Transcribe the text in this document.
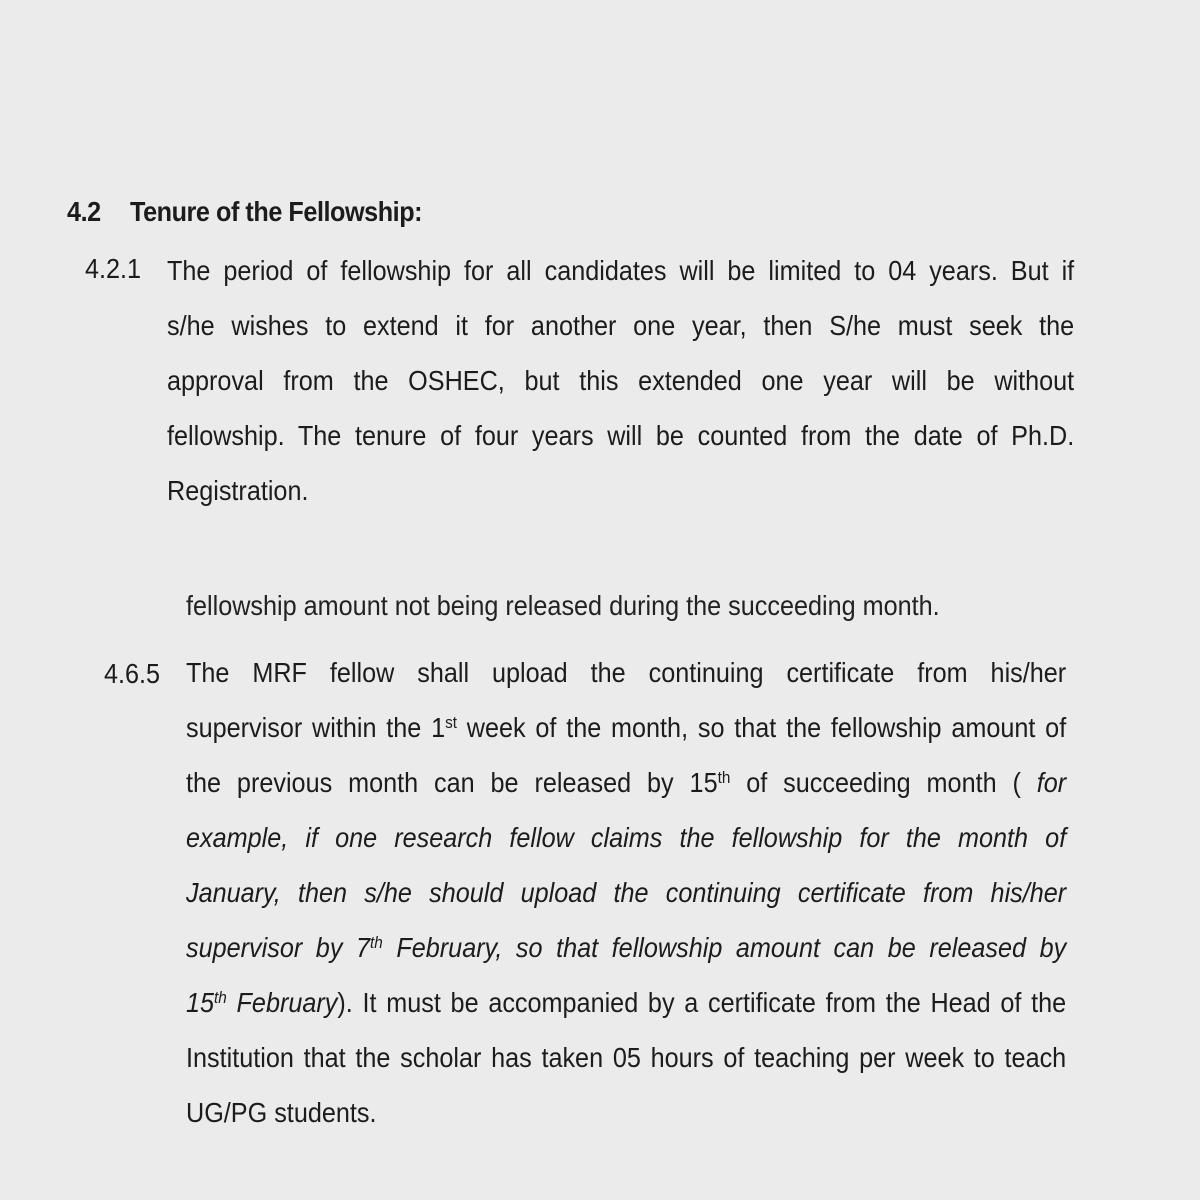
4.2 Tenure of the Fellowship:
4.2.1 The period of fellowship for all candidates will be limited to 04 years. But if
s/he wishes to extend it for another one year, then S/he must seek the
approval from the OSHEC, but this extended one year will be without
fellowship. The tenure of four years will be counted from the date of Ph.D.
Registration.
fellowship amount not being released during the succeeding month.
4.6.5 The MRF fellow shall upload the continuing certificate from his/her
supervisor within the 1st week of the month, so that the fellowship amount of
the previous month can be released by 15th of succeeding month ( for
example, if one research fellow claims the fellowship for the month of
January, then s/he should upload the continuing certificate from his/her
supervisor by 7th February, so that fellowship amount can be released by
15th February). It must be accompanied by a certificate from the Head of the
Institution that the scholar has taken 05 hours of teaching per week to teach
UG/PG students.
